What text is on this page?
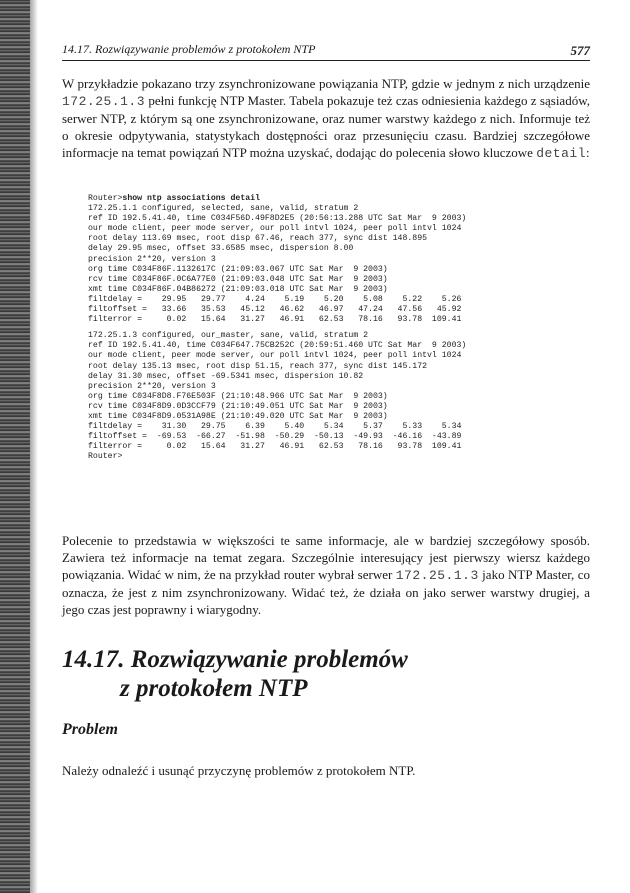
14.17. Rozwiązywanie problemów z protokołem NTP	577

W przykładzie pokazano trzy zsynchronizowane powiązania NTP, gdzie w jednym z nich urządzenie 172.25.1.3 pełni funkcję NTP Master. Tabela pokazuje też czas odniesienia każdego z sąsiadów, serwer NTP, z którym są one zsynchronizowane, oraz numer warstwy każdego z nich. Informuje też o okresie odpytywania, statystykach dostępności oraz przesunięciu czasu. Bardziej szczegółowe informacje na temat powiązań NTP można uzyskać, dodając do polecenia słowo kluczowe detail:

Router>show ntp associations detail
172.25.1.1 configured, selected, sane, valid, stratum 2
ref ID 192.5.41.40, time C034F56D.49F8D2E5 (20:56:13.288 UTC Sat Mar  9 2003)
our mode client, peer mode server, our poll intvl 1024, peer poll intvl 1024
root delay 113.69 msec, root disp 67.46, reach 377, sync dist 148.895
delay 29.95 msec, offset 33.6585 msec, dispersion 8.00
precision 2**20, version 3
org time C034F86F.1132617C (21:09:03.067 UTC Sat Mar  9 2003)
rcv time C034F86F.0C6A77E0 (21:09:03.048 UTC Sat Mar  9 2003)
xmt time C034F86F.04B86272 (21:09:03.018 UTC Sat Mar  9 2003)
filtdelay =    29.95   29.77    4.24    5.19    5.20    5.08    5.22    5.26
filtoffset =   33.66   35.53   45.12   46.62   46.97   47.24   47.56   45.92
filterror =     0.02   15.64   31.27   46.91   62.53   78.16   93.78  109.41
172.25.1.3 configured, our_master, sane, valid, stratum 2
ref ID 192.5.41.40, time C034F647.75CB252C (20:59:51.460 UTC Sat Mar  9 2003)
our mode client, peer mode server, our poll intvl 1024, peer poll intvl 1024
root delay 135.13 msec, root disp 51.15, reach 377, sync dist 145.172
delay 31.30 msec, offset -69.5341 msec, dispersion 10.82
precision 2**20, version 3
org time C034F8D8.F76E503F (21:10:48.966 UTC Sat Mar  9 2003)
rcv time C034F8D9.0D3CCF79 (21:10:49.051 UTC Sat Mar  9 2003)
xmt time C034F8D9.0531A98E (21:10:49.020 UTC Sat Mar  9 2003)
filtdelay =    31.30   29.75    6.39    5.40    5.34    5.37    5.33    5.34
filtoffset =  -69.53  -66.27  -51.98  -50.29  -50.13  -49.93  -46.16  -43.89
filterror =     0.02   15.64   31.27   46.91   62.53   78.16   93.78  109.41
Router>

Polecenie to przedstawia w większości te same informacje, ale w bardziej szczegółowy sposób. Zawiera też informacje na temat zegara. Szczególnie interesujący jest pierwszy wiersz każdego powiązania. Widać w nim, że na przykład router wybrał serwer 172.25.1.3 jako NTP Master, co oznacza, że jest z nim zsynchronizowany. Widać też, że działa on jako serwer warstwy drugiej, a jego czas jest poprawny i wiarygodny.

14.17. Rozwiązywanie problemów
z protokołem NTP
Problem

Należy odnaleźć i usunąć przyczynę problemów z protokołem NTP.
